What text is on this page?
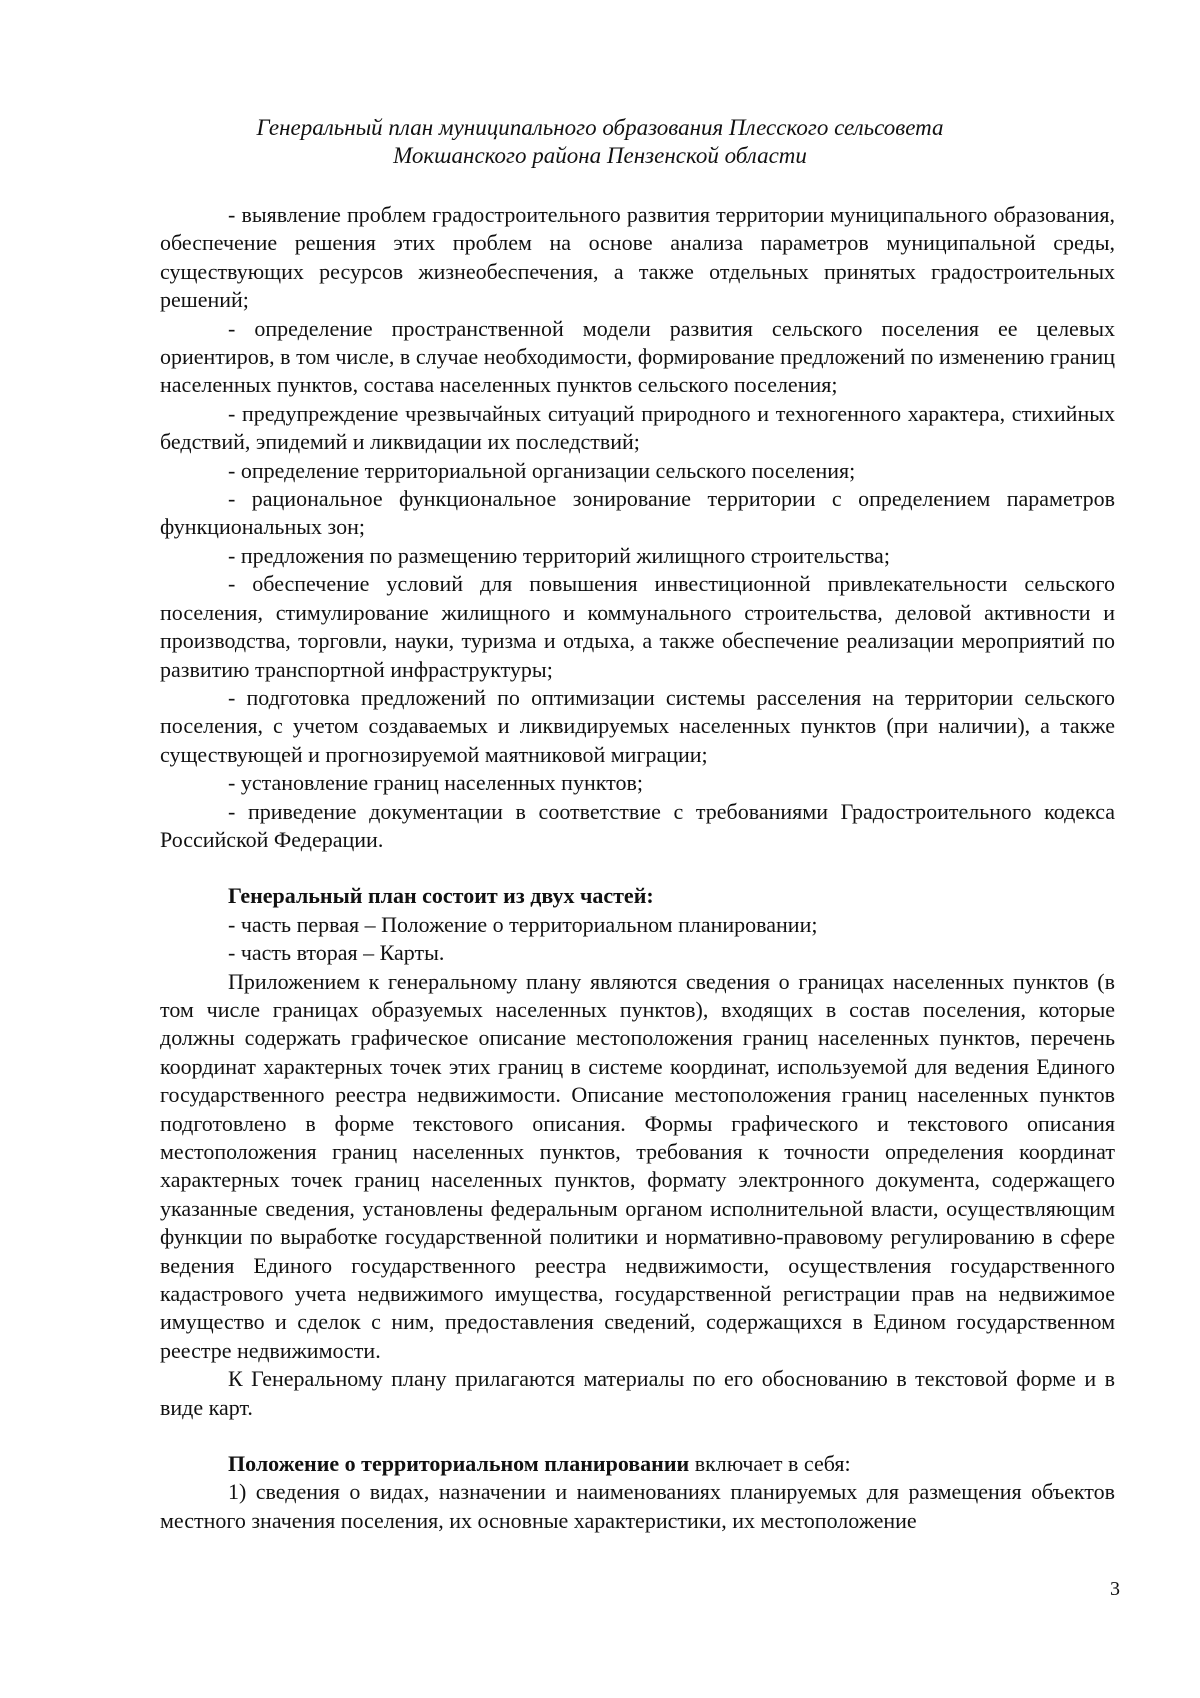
Генеральный план муниципального образования Плесского сельсовета
Мокшанского района Пензенской области

- выявление проблем градостроительного развития территории муниципального образования, обеспечение решения этих проблем на основе анализа параметров муниципальной среды, существующих ресурсов жизнеобеспечения, а также отдельных принятых градостроительных решений;

- определение пространственной модели развития сельского поселения ее целевых ориентиров, в том числе, в случае необходимости, формирование предложений по изменению границ населенных пунктов, состава населенных пунктов сельского поселения;

- предупреждение чрезвычайных ситуаций природного и техногенного характера, стихийных бедствий, эпидемий и ликвидации их последствий;

- определение территориальной организации сельского поселения;

- рациональное функциональное зонирование территории с определением параметров функциональных зон;

- предложения по размещению территорий жилищного строительства;

- обеспечение условий для повышения инвестиционной привлекательности сельского поселения, стимулирование жилищного и коммунального строительства, деловой активности и производства, торговли, науки, туризма и отдыха, а также обеспечение реализации мероприятий по развитию транспортной инфраструктуры;

- подготовка предложений по оптимизации системы расселения на территории сельского поселения, с учетом создаваемых и ликвидируемых населенных пунктов (при наличии), а также существующей и прогнозируемой маятниковой миграции;

- установление границ населенных пунктов;

- приведение документации в соответствие с требованиями Градостроительного кодекса Российской Федерации.

Генеральный план состоит из двух частей:

- часть первая – Положение о территориальном планировании;

- часть вторая – Карты.

Приложением к генеральному плану являются сведения о границах населенных пунктов (в том числе границах образуемых населенных пунктов), входящих в состав поселения, которые должны содержать графическое описание местоположения границ населенных пунктов, перечень координат характерных точек этих границ в системе координат, используемой для ведения Единого государственного реестра недвижимости. Описание местоположения границ населенных пунктов подготовлено в форме текстового описания. Формы графического и текстового описания местоположения границ населенных пунктов, требования к точности определения координат характерных точек границ населенных пунктов, формату электронного документа, содержащего указанные сведения, установлены федеральным органом исполнительной власти, осуществляющим функции по выработке государственной политики и нормативно-правовому регулированию в сфере ведения Единого государственного реестра недвижимости, осуществления государственного кадастрового учета недвижимого имущества, государственной регистрации прав на недвижимое имущество и сделок с ним, предоставления сведений, содержащихся в Едином государственном реестре недвижимости.

К Генеральному плану прилагаются материалы по его обоснованию в текстовой форме и в виде карт.

Положение о территориальном планировании включает в себя:

1) сведения о видах, назначении и наименованиях планируемых для размещения объектов местного значения поселения, их основные характеристики, их местоположение

3
